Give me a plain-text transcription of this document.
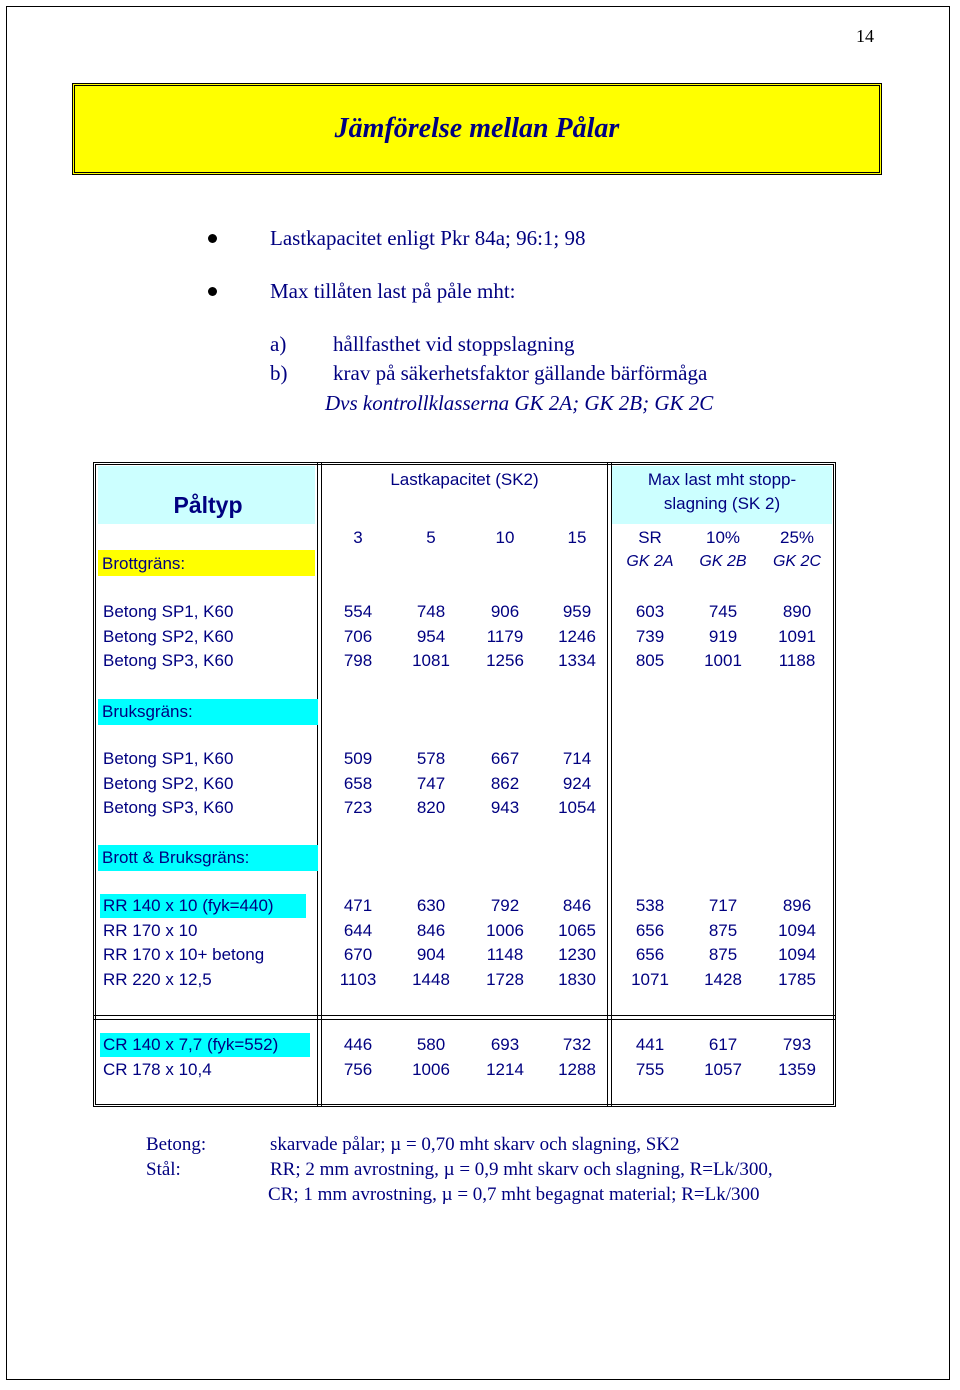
14
Jämförelse mellan Pålar
Lastkapacitet enligt Pkr 84a; 96:1; 98
Max tillåten last på påle mht:
a) hållfasthet vid stoppslagning
b) krav på säkerhetsfaktor gällande bärförmåga
Dvs kontrollklasserna GK 2A; GK 2B; GK 2C
Påltyp
Lastkapacitet (SK2)	Max last mht stopp-
slagning (SK 2)
Brottgräns:
3	5	10	15	SR	10%	25%
GK 2A	GK 2B	GK 2C
Betong SP1, K60	554	748	906	959	603	745	890
Betong SP2, K60	706	954	1179	1246	739	919	1091
Betong SP3, K60	798	1081	1256	1334	805	1001	1188
Bruksgräns:
Betong SP1, K60	509	578	667	714
Betong SP2, K60	658	747	862	924
Betong SP3, K60	723	820	943	1054
Brott & Bruksgräns:
RR 140 x 10 (fyk=440)	471	630	792	846	538	717	896
RR 170 x 10	644	846	1006	1065	656	875	1094
RR 170 x 10+ betong	670	904	1148	1230	656	875	1094
RR 220 x 12,5	1103	1448	1728	1830	1071	1428	1785
CR 140 x 7,7 (fyk=552)	446	580	693	732	441	617	793
CR 178 x 10,4	756	1006	1214	1288	755	1057	1359
Betong:	skarvade pålar; µ = 0,70 mht skarv och slagning, SK2
Stål:	RR; 2 mm avrostning, µ = 0,9 mht skarv och slagning, R=Lk/300,
CR; 1 mm avrostning, µ = 0,7 mht begagnat material; R=Lk/300
